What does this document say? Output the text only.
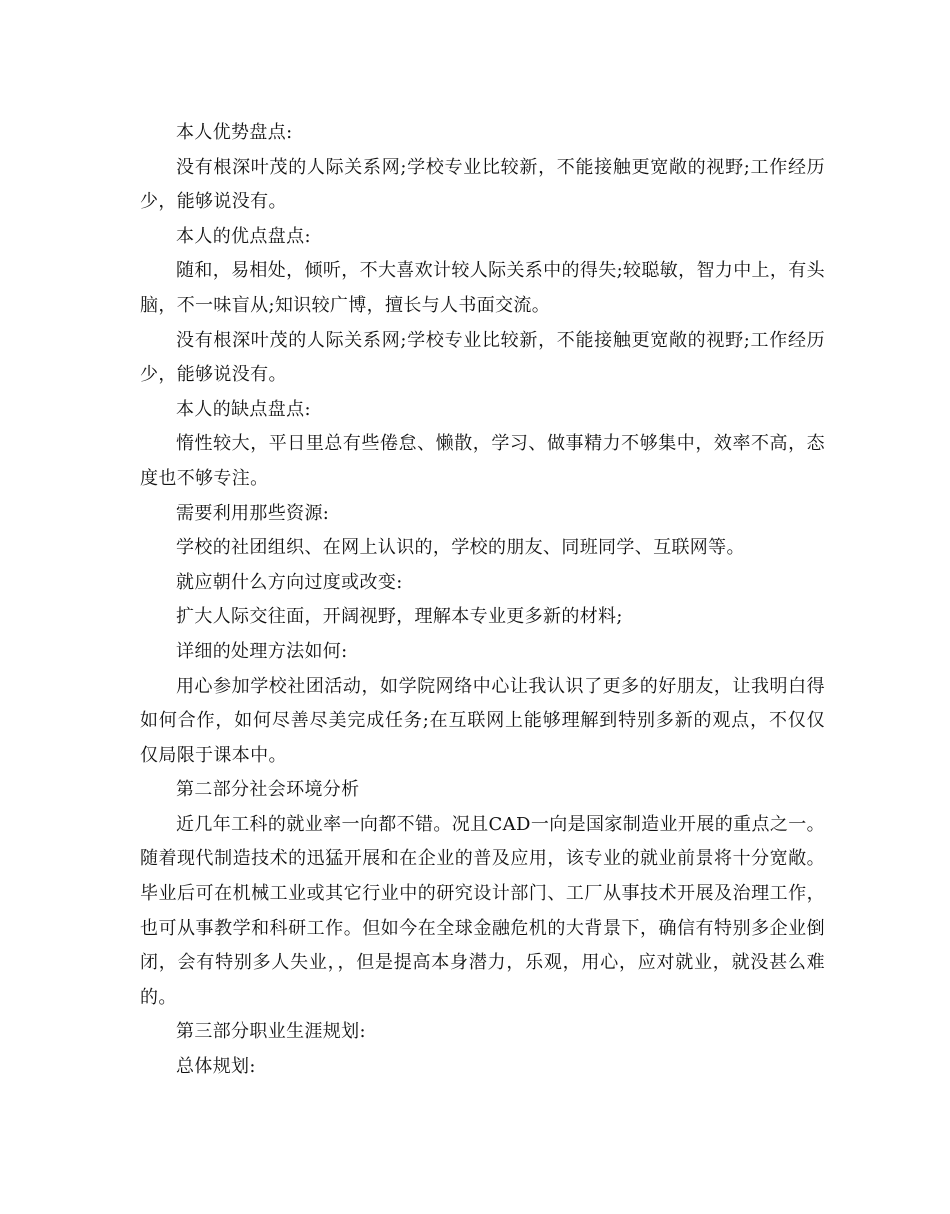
本人优势盘点:

没有根深叶茂的人际关系网;学校专业比较新，不能接触更宽敞的视野;工作经历少，能够说没有。

本人的优点盘点:

随和，易相处，倾听，不大喜欢计较人际关系中的得失;较聪敏，智力中上，有头脑，不一味盲从;知识较广博，擅长与人书面交流。

没有根深叶茂的人际关系网;学校专业比较新，不能接触更宽敞的视野;工作经历少，能够说没有。

本人的缺点盘点:

惰性较大，平日里总有些倦怠、懒散，学习、做事精力不够集中，效率不高，态度也不够专注。

需要利用那些资源:

学校的社团组织、在网上认识的，学校的朋友、同班同学、互联网等。

就应朝什么方向过度或改变:

扩大人际交往面，开阔视野，理解本专业更多新的材料;

详细的处理方法如何:

用心参加学校社团活动，如学院网络中心让我认识了更多的好朋友，让我明白得如何合作，如何尽善尽美完成任务;在互联网上能够理解到特别多新的观点，不仅仅仅局限于课本中。

第二部分社会环境分析

近几年工科的就业率一向都不错。况且CAD一向是国家制造业开展的重点之一。随着现代制造技术的迅猛开展和在企业的普及应用，该专业的就业前景将十分宽敞。毕业后可在机械工业或其它行业中的研究设计部门、工厂从事技术开展及治理工作，也可从事教学和科研工作。但如今在全球金融危机的大背景下，确信有特别多企业倒闭，会有特别多人失业，，但是提高本身潜力，乐观，用心，应对就业，就没甚么难的。

第三部分职业生涯规划:

总体规划:
